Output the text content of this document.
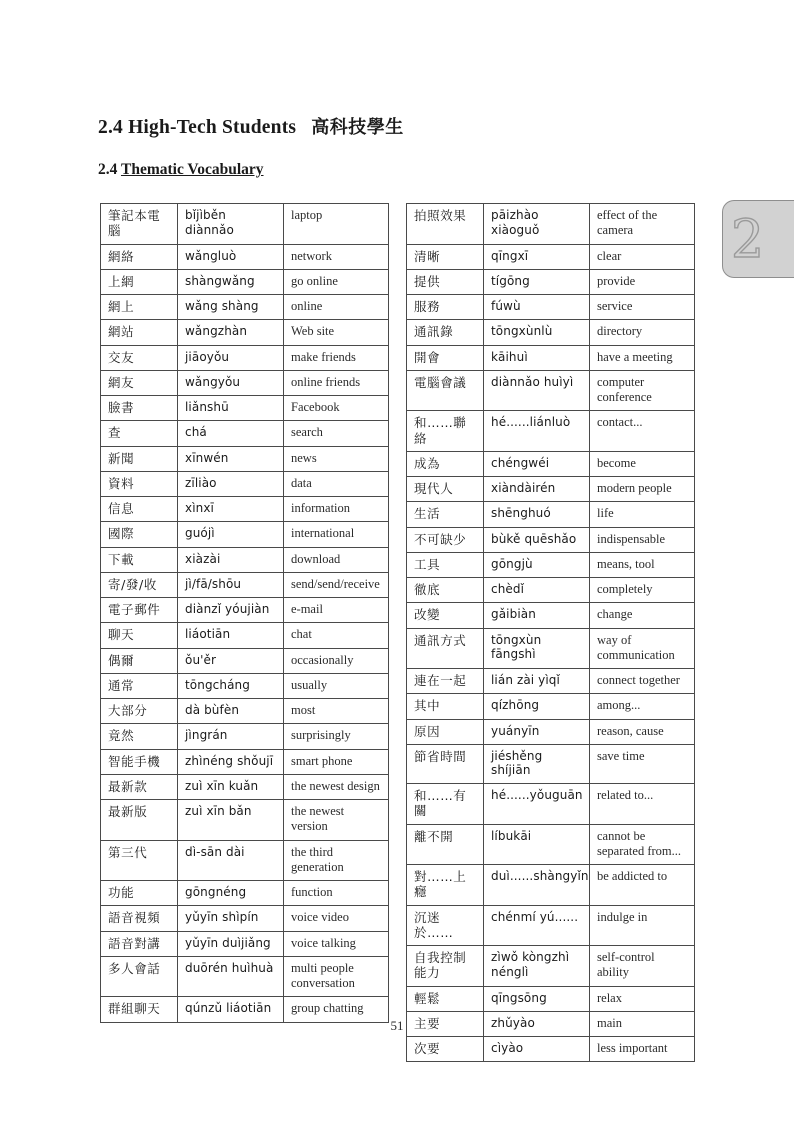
2.4 High-Tech Students 高科技學生
2.4 Thematic Vocabulary
2
筆記本電腦	bǐjìběn diànnǎo	laptop
網絡	wǎngluò	network
上網	shàngwǎng	go online
網上	wǎng shàng	online
網站	wǎngzhàn	Web site
交友	jiāoyǒu	make friends
網友	wǎngyǒu	online friends
臉書	liǎnshū	Facebook
查	chá	search
新聞	xīnwén	news
資料	zīliào	data
信息	xìnxī	information
國際	guójì	international
下載	xiàzài	download
寄/發/收	jì/fā/shōu	send/send/receive
電子郵件	diànzǐ yóujiàn	e-mail
聊天	liáotiān	chat
偶爾	ǒu'ěr	occasionally
通常	tōngcháng	usually
大部分	dà bùfèn	most
竟然	jìngrán	surprisingly
智能手機	zhìnéng shǒujī	smart phone
最新款	zuì xīn kuǎn	the newest design
最新版	zuì xīn bǎn	the newest version
第三代	dì-sān dài	the third generation
功能	gōngnéng	function
語音視頻	yǔyīn shìpín	voice video
語音對講	yǔyīn duìjiǎng	voice talking
多人會話	duōrén huìhuà	multi people conversation
群組聊天	qúnzǔ liáotiān	group chatting
拍照效果	pāizhào xiàoguǒ	effect of the camera
清晰	qīngxī	clear
提供	tígōng	provide
服務	fúwù	service
通訊錄	tōngxùnlù	directory
開會	kāihuì	have a meeting
電腦會議	diànnǎo huìyì	computer conference
和……聯絡	hé......liánluò	contact...
成為	chéngwéi	become
現代人	xiàndàirén	modern people
生活	shēnghuó	life
不可缺少	bùkě quēshǎo	indispensable
工具	gōngjù	means, tool
徹底	chèdǐ	completely
改變	gǎibiàn	change
通訊方式	tōngxùn fāngshì	way of communication
連在一起	lián zài yìqǐ	connect together
其中	qízhōng	among...
原因	yuányīn	reason, cause
節省時間	jiéshěng shíjiān	save time
和……有關	hé......yǒuguān	related to...
離不開	líbukāi	cannot be separated from...
對……上癮	duì......shàngyǐn	be addicted to
沉迷於……	chénmí yú......	indulge in
自我控制能力	zìwǒ kòngzhì nénglì	self-control ability
輕鬆	qīngsōng	relax
主要	zhǔyào	main
次要	cìyào	less important
51
